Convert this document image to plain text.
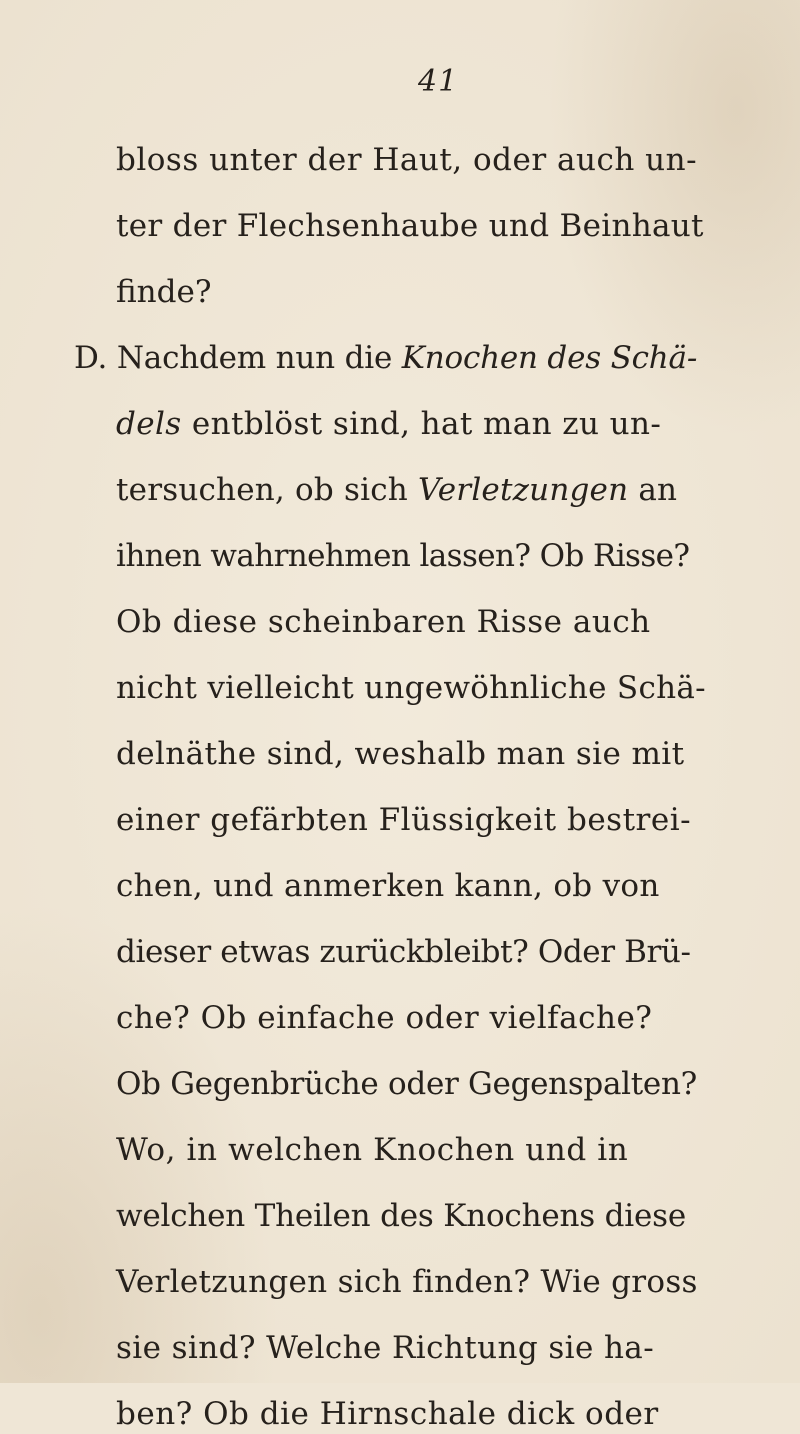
41
bloss unter der Haut, oder auch un-
ter der Flechsenhaube und Beinhaut
finde?
D. Nachdem nun die Knochen des Schä-
dels entblöst sind, hat man zu un-
tersuchen, ob sich Verletzungen an
ihnen wahrnehmen lassen? Ob Risse?
Ob diese scheinbaren Risse auch
nicht vielleicht ungewöhnliche Schä-
delnäthe sind, weshalb man sie mit
einer gefärbten Flüssigkeit bestrei-
chen, und anmerken kann, ob von
dieser etwas zurückbleibt? Oder Brü-
che? Ob einfache oder vielfache?
Ob Gegenbrüche oder Gegenspalten?
Wo, in welchen Knochen und in
welchen Theilen des Knochens diese
Verletzungen sich finden? Wie gross
sie sind? Welche Richtung sie ha-
ben? Ob die Hirnschale dick oder
